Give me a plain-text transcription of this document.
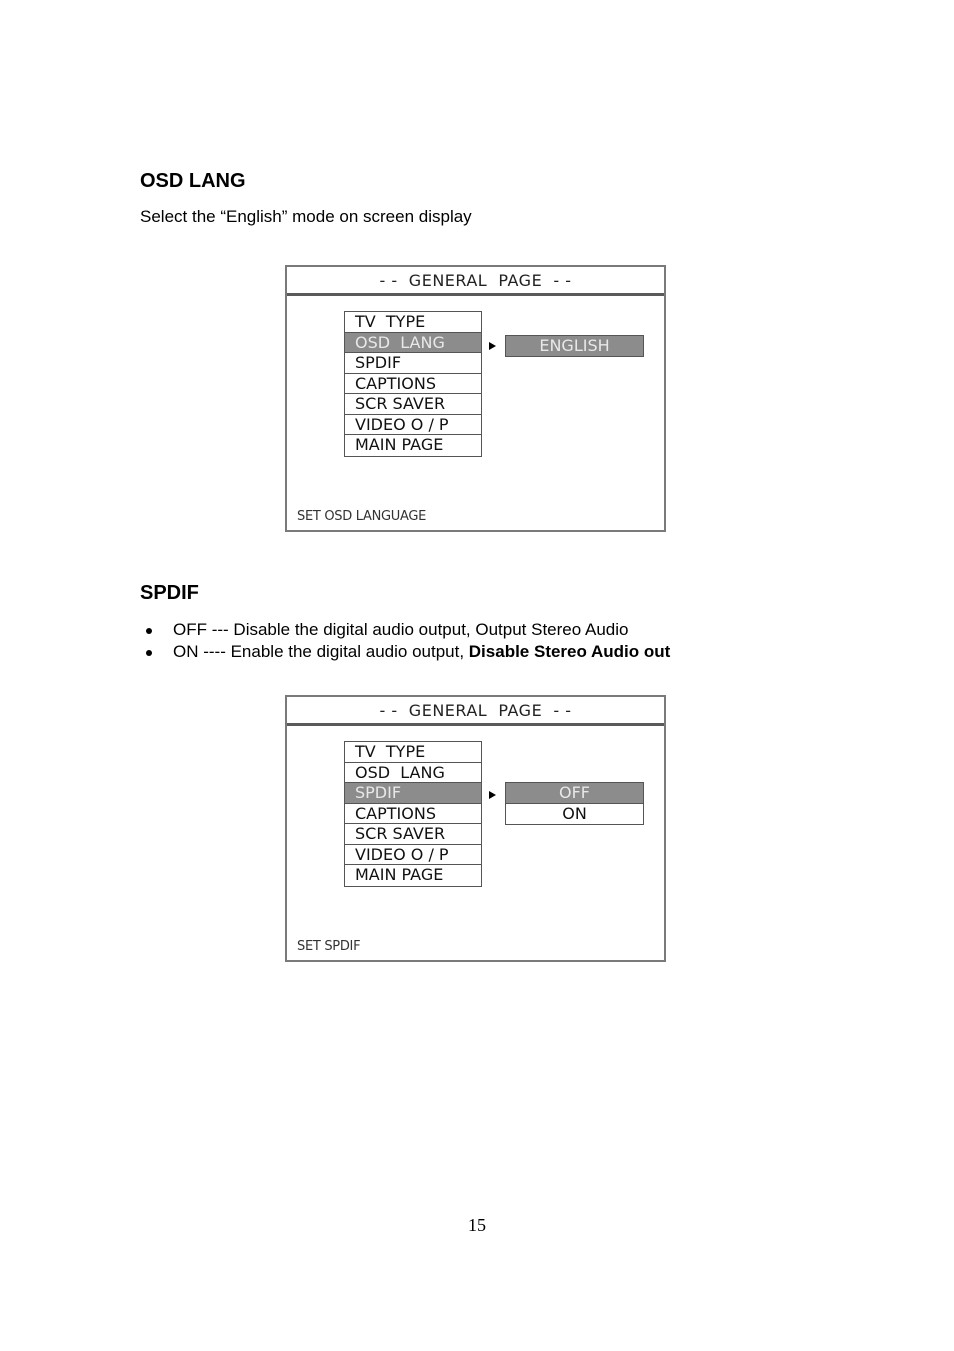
OSD LANG

Select the “English” mode on screen display

- -  GENERAL  PAGE  - -
TV  TYPE
OSD  LANG
SPDIF
CAPTIONS
SCR SAVER
VIDEO O / P
MAIN PAGE
ENGLISH
SET OSD LANGUAGE
SPDIF
OFF --- Disable the digital audio output, Output Stereo Audio
ON ---- Enable the digital audio output, Disable Stereo Audio out
- -  GENERAL  PAGE  - -
TV  TYPE
OSD  LANG
SPDIF
CAPTIONS
SCR SAVER
VIDEO O / P
MAIN PAGE
OFF
ON
SET SPDIF
15
